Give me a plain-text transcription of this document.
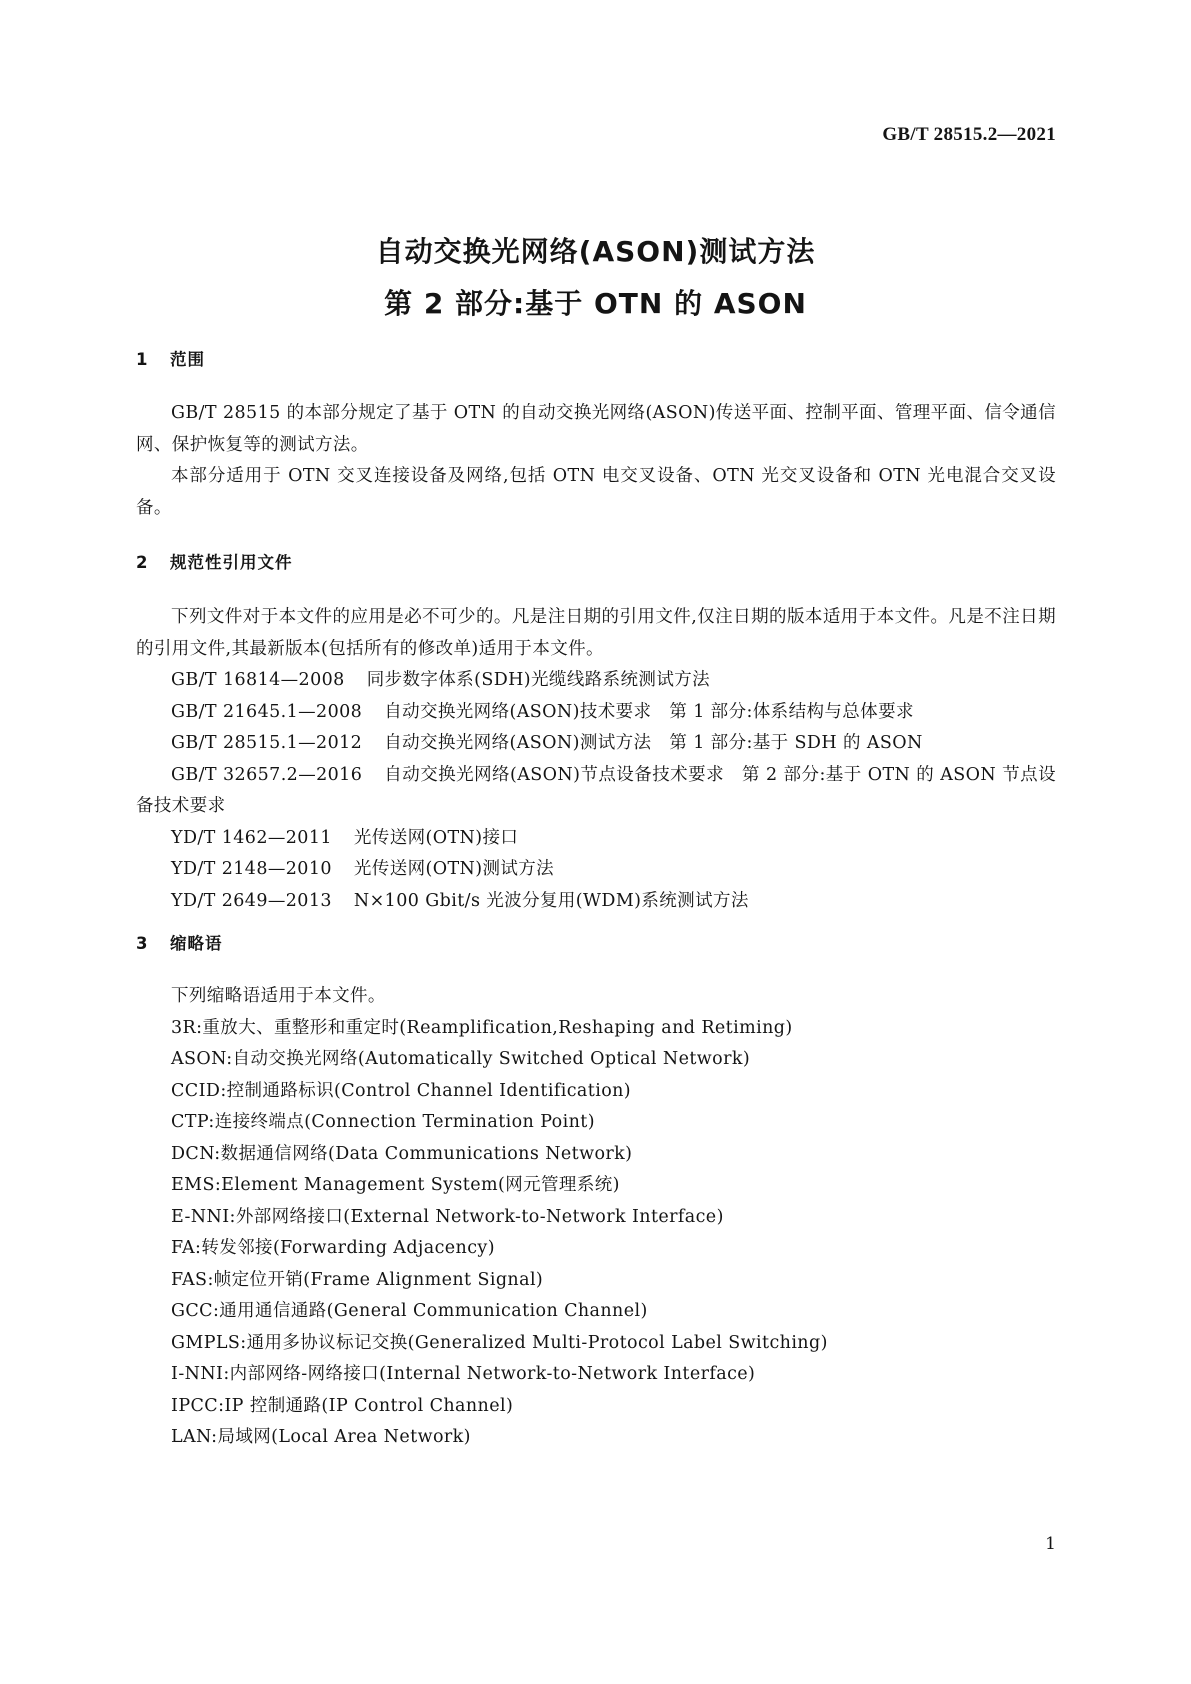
GB/T 28515.2—2021
自动交换光网络(ASON)测试方法
第 2 部分:基于 OTN 的 ASON
1 范围

GB/T 28515 的本部分规定了基于 OTN 的自动交换光网络(ASON)传送平面、控制平面、管理平面、信令通信网、保护恢复等的测试方法。

本部分适用于 OTN 交叉连接设备及网络,包括 OTN 电交叉设备、OTN 光交叉设备和 OTN 光电混合交叉设备。

2 规范性引用文件

下列文件对于本文件的应用是必不可少的。凡是注日期的引用文件,仅注日期的版本适用于本文件。凡是不注日期的引用文件,其最新版本(包括所有的修改单)适用于本文件。

GB/T 16814—2008 同步数字体系(SDH)光缆线路系统测试方法

GB/T 21645.1—2008 自动交换光网络(ASON)技术要求　第 1 部分:体系结构与总体要求

GB/T 28515.1—2012 自动交换光网络(ASON)测试方法　第 1 部分:基于 SDH 的 ASON

GB/T 32657.2—2016 自动交换光网络(ASON)节点设备技术要求　第 2 部分:基于 OTN 的 ASON 节点设备技术要求

YD/T 1462—2011 光传送网(OTN)接口

YD/T 2148—2010 光传送网(OTN)测试方法

YD/T 2649—2013 N×100 Gbit/s 光波分复用(WDM)系统测试方法

3 缩略语

下列缩略语适用于本文件。

3R:重放大、重整形和重定时(Reamplification,Reshaping and Retiming)

ASON:自动交换光网络(Automatically Switched Optical Network)

CCID:控制通路标识(Control Channel Identification)

CTP:连接终端点(Connection Termination Point)

DCN:数据通信网络(Data Communications Network)

EMS:Element Management System(网元管理系统)

E-NNI:外部网络接口(External Network-to-Network Interface)

FA:转发邻接(Forwarding Adjacency)

FAS:帧定位开销(Frame Alignment Signal)

GCC:通用通信通路(General Communication Channel)

GMPLS:通用多协议标记交换(Generalized Multi-Protocol Label Switching)

I-NNI:内部网络-网络接口(Internal Network-to-Network Interface)

IPCC:IP 控制通路(IP Control Channel)

LAN:局域网(Local Area Network)

1
